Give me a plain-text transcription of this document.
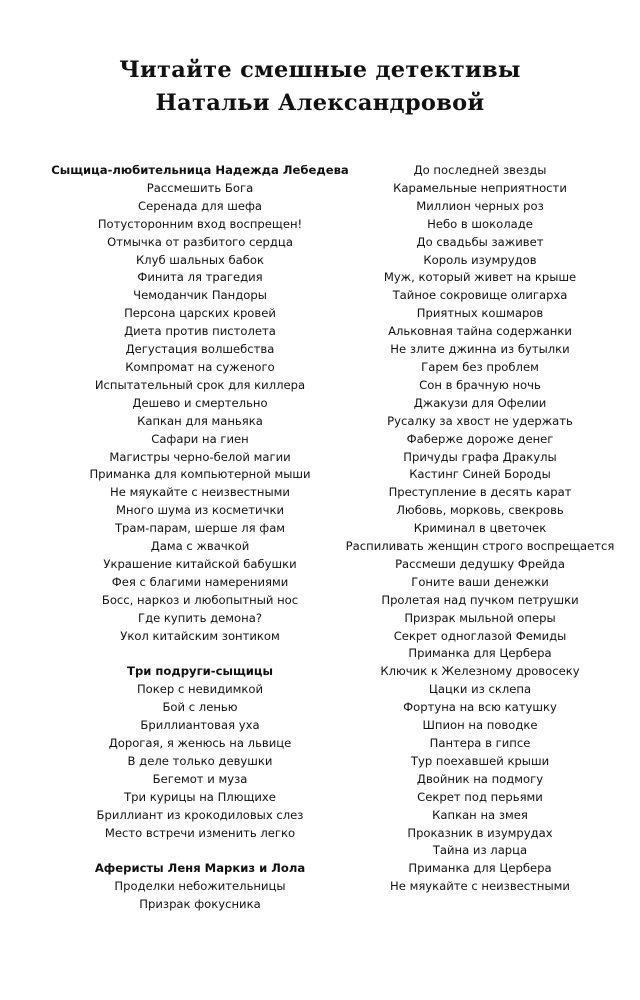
Читайте смешные детективы
Натальи Александровой
Сыщица-любительница Надежда Лебедева
Рассмешить Бога
Серенада для шефа
Потусторонним вход воспрещен!
Отмычка от разбитого сердца
Клуб шальных бабок
Финита ля трагедия
Чемоданчик Пандоры
Персона царских кровей
Диета против пистолета
Дегустация волшебства
Компромат на суженого
Испытательный срок для киллера
Дешево и смертельно
Капкан для маньяка
Сафари на гиен
Магистры черно-белой магии
Приманка для компьютерной мыши
Не мяукайте с неизвестными
Много шума из косметички
Трам-парам, шерше ля фам
Дама с жвачкой
Украшение китайской бабушки
Фея с благими намерениями
Босс, наркоз и любопытный нос
Где купить демона?
Укол китайским зонтиком
Три подруги-сыщицы
Покер с невидимкой
Бой с ленью
Бриллиантовая уха
Дорогая, я женюсь на львице
В деле только девушки
Бегемот и муза
Три курицы на Плющихе
Бриллиант из крокодиловых слез
Место встречи изменить легко
Аферисты Леня Маркиз и Лола
Проделки небожительницы
Призрак фокусника
До последней звезды
Карамельные неприятности
Миллион черных роз
Небо в шоколаде
До свадьбы заживет
Король изумрудов
Муж, который живет на крыше
Тайное сокровище олигарха
Приятных кошмаров
Альковная тайна содержанки
Не злите джинна из бутылки
Гарем без проблем
Сон в брачную ночь
Джакузи для Офелии
Русалку за хвост не удержать
Фаберже дороже денег
Причуды графа Дракулы
Кастинг Синей Бороды
Преступление в десять карат
Любовь, морковь, свекровь
Криминал в цветочек
Распиливать женщин строго воспрещается
Рассмеши дедушку Фрейда
Гоните ваши денежки
Пролетая над пучком петрушки
Призрак мыльной оперы
Секрет одноглазой Фемиды
Приманка для Цербера
Ключик к Железному дровосеку
Цацки из склепа
Фортуна на всю катушку
Шпион на поводке
Пантера в гипсе
Тур поехавшей крыши
Двойник на подмогу
Секрет под перьями
Капкан на змея
Проказник в изумрудах
Тайна из ларца
Приманка для Цербера
Не мяукайте с неизвестными
